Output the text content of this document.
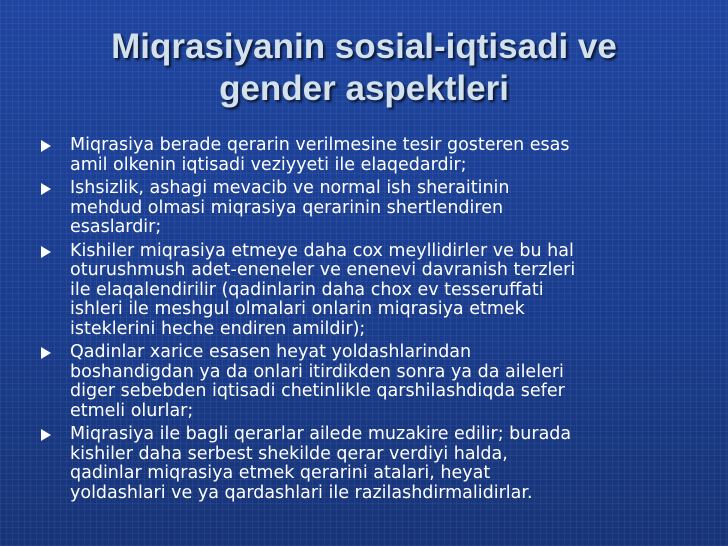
Miqrasiyanin sosial-iqtisadi ve
gender aspektleri
Miqrasiya berade qerarin verilmesine tesir gosteren esas
amil olkenin iqtisadi veziyyeti ile elaqedardir;
Ishsizlik, ashagi mevacib ve normal ish sheraitinin
mehdud olmasi miqrasiya qerarinin shertlendiren
esaslardir;
Kishiler miqrasiya etmeye daha cox meyllidirler ve bu hal
oturushmush adet-eneneler ve enenevi davranish terzleri
ile elaqalendirilir (qadinlarin daha chox ev tesseruffati
ishleri ile meshgul olmalari onlarin miqrasiya etmek
isteklerini heche endiren amildir);
Qadinlar xarice esasen heyat yoldashlarindan
boshandigdan ya da onlari itirdikden sonra ya da aileleri
diger sebebden iqtisadi chetinlikle qarshilashdiqda sefer
etmeli olurlar;
Miqrasiya ile bagli qerarlar ailede muzakire edilir; burada
kishiler daha serbest shekilde qerar verdiyi halda,
qadinlar miqrasiya etmek qerarini atalari, heyat
yoldashlari ve ya qardashlari ile razilashdirmalidirlar.
